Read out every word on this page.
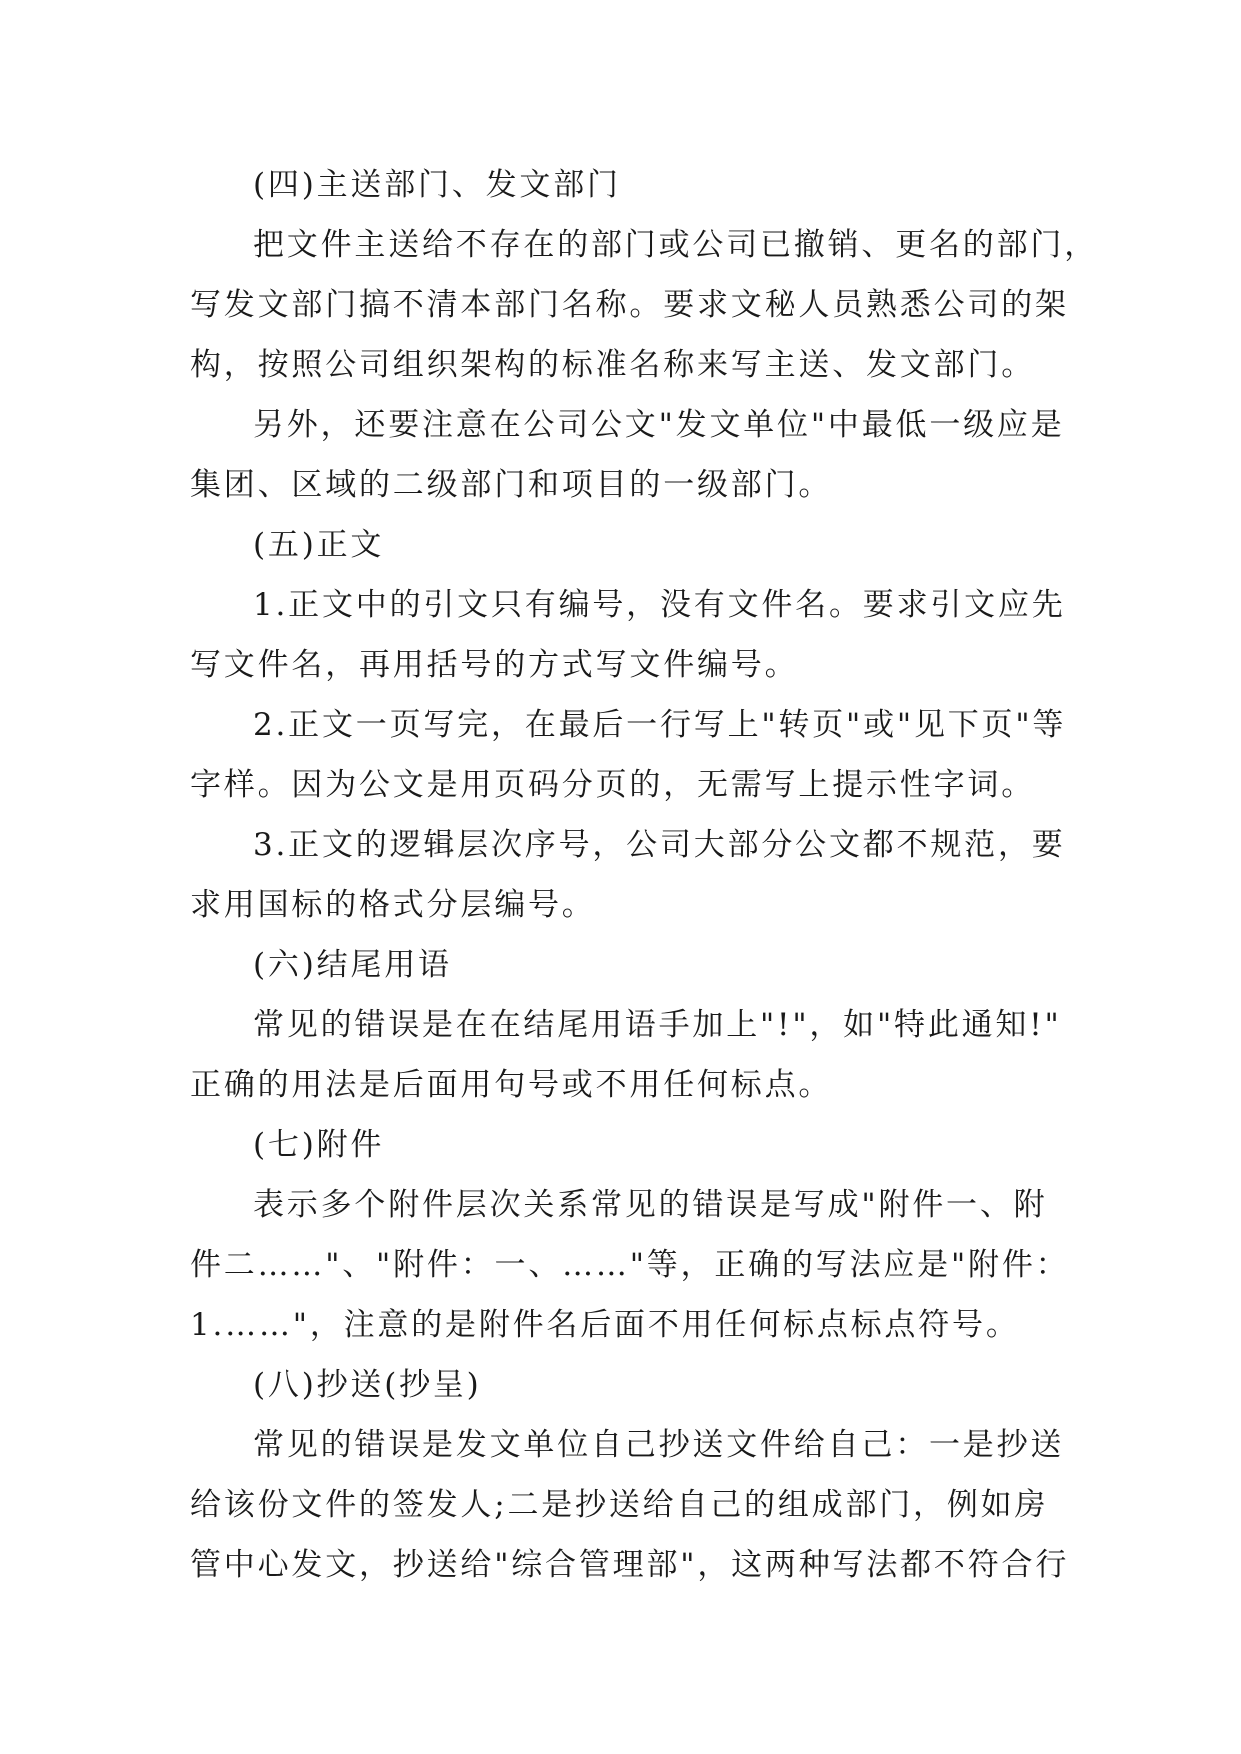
(四)主送部门、发文部门
把文件主送给不存在的部门或公司已撤销、更名的部门，
写发文部门搞不清本部门名称。要求文秘人员熟悉公司的架
构，按照公司组织架构的标准名称来写主送、发文部门。
另外，还要注意在公司公文"发文单位"中最低一级应是
集团、区域的二级部门和项目的一级部门。
(五)正文
1.正文中的引文只有编号，没有文件名。要求引文应先
写文件名，再用括号的方式写文件编号。
2.正文一页写完，在最后一行写上"转页"或"见下页"等
字样。因为公文是用页码分页的，无需写上提示性字词。
3.正文的逻辑层次序号，公司大部分公文都不规范，要
求用国标的格式分层编号。
(六)结尾用语
常见的错误是在在结尾用语手加上"!"，如"特此通知!"
正确的用法是后面用句号或不用任何标点。
(七)附件
表示多个附件层次关系常见的错误是写成"附件一、附
件二……"、"附件：一、……"等，正确的写法应是"附件：
1.……"，注意的是附件名后面不用任何标点标点符号。
(八)抄送(抄呈)
常见的错误是发文单位自己抄送文件给自己：一是抄送
给该份文件的签发人;二是抄送给自己的组成部门，例如房
管中心发文，抄送给"综合管理部"，这两种写法都不符合行
